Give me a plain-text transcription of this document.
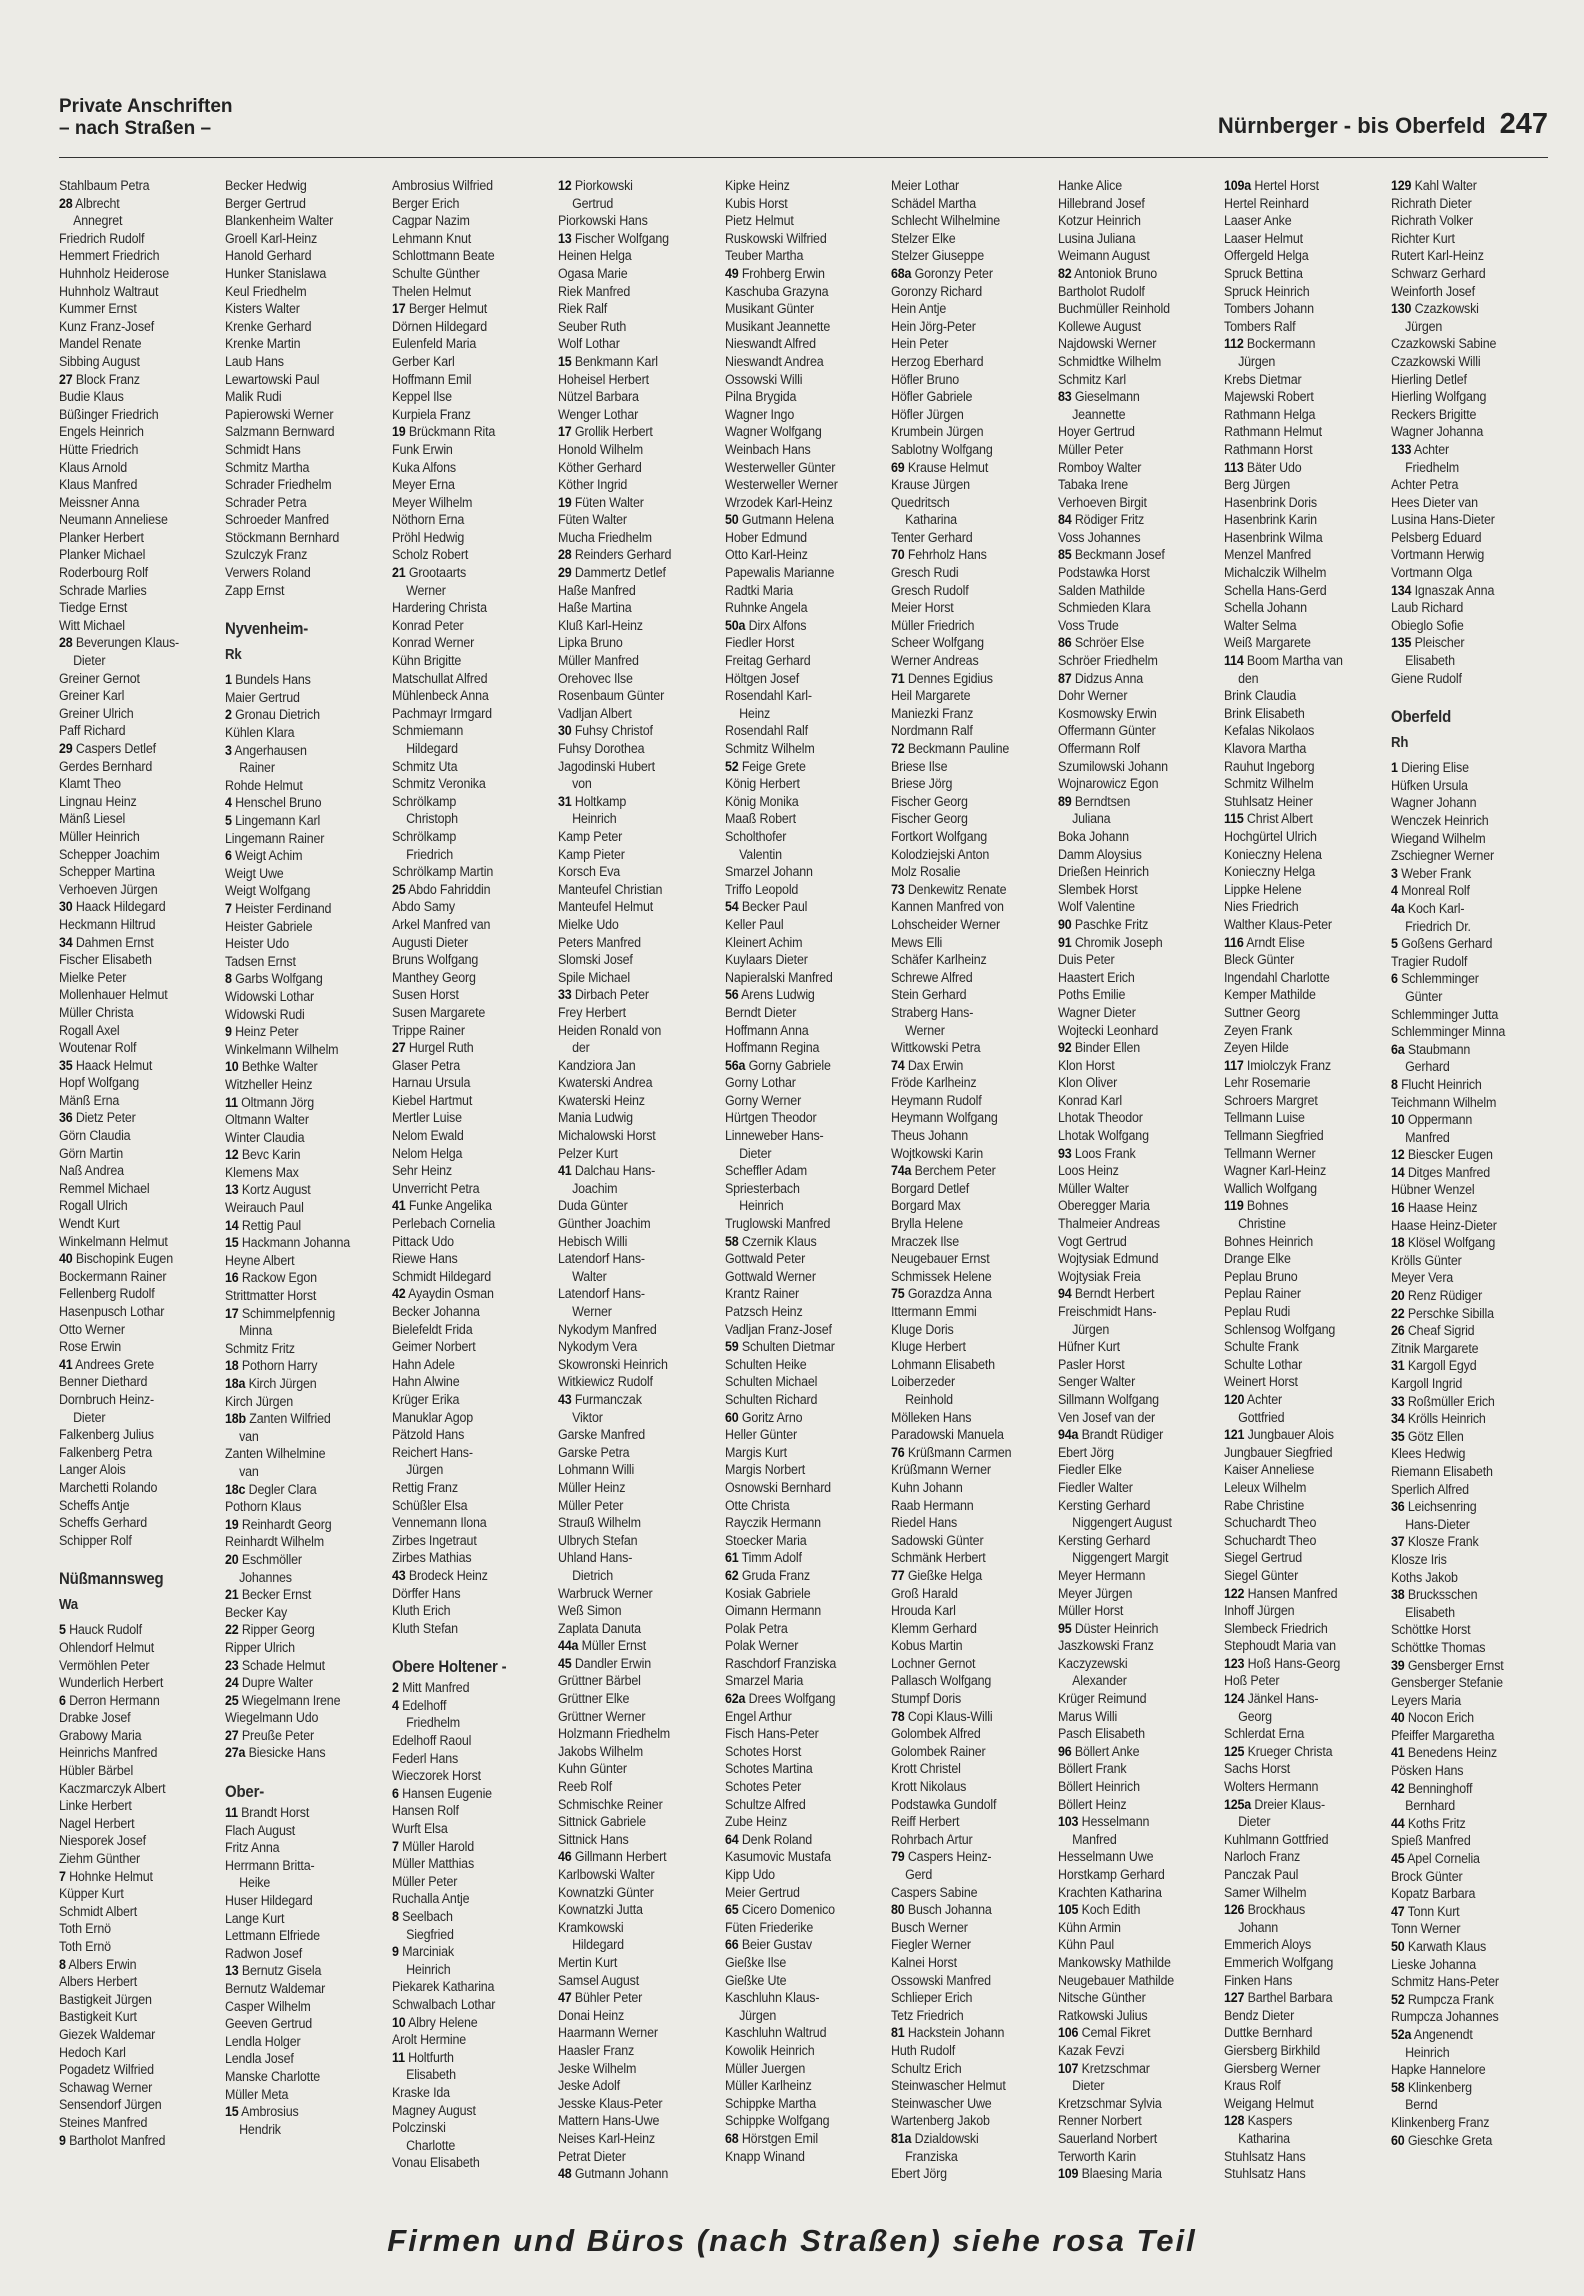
Private Anschriften
– nach Straßen –	Nürnberger - bis Oberfeld 247
Stahlbaum Petra
28 Albrecht
Annegret
Friedrich Rudolf
Hemmert Friedrich
Huhnholz Heiderose
Huhnholz Waltraut
Kummer Ernst
Kunz Franz-Josef
Mandel Renate
Sibbing August
27 Block Franz
Budie Klaus
Büßinger Friedrich
Engels Heinrich
Hütte Friedrich
Klaus Arnold
Klaus Manfred
Meissner Anna
Neumann Anneliese
Planker Herbert
Planker Michael
Roderbourg Rolf
Schrade Marlies
Tiedge Ernst
Witt Michael
28 Beverungen Klaus-
Dieter
Greiner Gernot
Greiner Karl
Greiner Ulrich
Paff Richard
29 Caspers Detlef
Gerdes Bernhard
Klamt Theo
Lingnau Heinz
Mänß Liesel
Müller Heinrich
Schepper Joachim
Schepper Martina
Verhoeven Jürgen
30 Haack Hildegard
Heckmann Hiltrud
34 Dahmen Ernst
Fischer Elisabeth
Mielke Peter
Mollenhauer Helmut
Müller Christa
Rogall Axel
Woutenar Rolf
35 Haack Helmut
Hopf Wolfgang
Mänß Erna
36 Dietz Peter
Görn Claudia
Görn Martin
Naß Andrea
Remmel Michael
Rogall Ulrich
Wendt Kurt
Winkelmann Helmut
40 Bischopink Eugen
Bockermann Rainer
Fellenberg Rudolf
Hasenpusch Lothar
Otto Werner
Rose Erwin
41 Andrees Grete
Benner Diethard
Dornbruch Heinz-
Dieter
Falkenberg Julius
Falkenberg Petra
Langer Alois
Marchetti Rolando
Scheffs Antje
Scheffs Gerhard
Schipper Rolf
Nüßmannsweg
Wa
5 Hauck Rudolf
Ohlendorf Helmut
Vermöhlen Peter
Wunderlich Herbert
6 Derron Hermann
Drabke Josef
Grabowy Maria
Heinrichs Manfred
Hübler Bärbel
Kaczmarczyk Albert
Linke Herbert
Nagel Herbert
Niesporek Josef
Ziehm Günther
7 Hohnke Helmut
Küpper Kurt
Schmidt Albert
Toth Ernö
Toth Ernö
8 Albers Erwin
Albers Herbert
Bastigkeit Jürgen
Bastigkeit Kurt
Giezek Waldemar
Hedoch Karl
Pogadetz Wilfried
Schawag Werner
Sensendorf Jürgen
Steines Manfred
9 Bartholot Manfred
Becker Hedwig
Berger Gertrud
Blankenheim Walter
Groell Karl-Heinz
Hanold Gerhard
Hunker Stanislawa
Keul Friedhelm
Kisters Walter
Krenke Gerhard
Krenke Martin
Laub Hans
Lewartowski Paul
Malik Rudi
Papierowski Werner
Salzmann Bernward
Schmidt Hans
Schmitz Martha
Schrader Friedhelm
Schrader Petra
Schroeder Manfred
Stöckmann Bernhard
Szulczyk Franz
Verwers Roland
Zapp Ernst
Nyvenheim-
Rk
1 Bundels Hans
Maier Gertrud
2 Gronau Dietrich
Kühlen Klara
3 Angerhausen
Rainer
Rohde Helmut
4 Henschel Bruno
5 Lingemann Karl
Lingemann Rainer
6 Weigt Achim
Weigt Uwe
Weigt Wolfgang
7 Heister Ferdinand
Heister Gabriele
Heister Udo
Tadsen Ernst
8 Garbs Wolfgang
Widowski Lothar
Widowski Rudi
9 Heinz Peter
Winkelmann Wilhelm
10 Bethke Walter
Witzheller Heinz
11 Oltmann Jörg
Oltmann Walter
Winter Claudia
12 Bevc Karin
Klemens Max
13 Kortz August
Weirauch Paul
14 Rettig Paul
15 Hackmann Johanna
Heyne Albert
16 Rackow Egon
Strittmatter Horst
17 Schimmelpfennig
Minna
Schmitz Fritz
18 Pothorn Harry
18a Kirch Jürgen
Kirch Jürgen
18b Zanten Wilfried
van
Zanten Wilhelmine
van
18c Degler Clara
Pothorn Klaus
19 Reinhardt Georg
Reinhardt Wilhelm
20 Eschmöller
Johannes
21 Becker Ernst
Becker Kay
22 Ripper Georg
Ripper Ulrich
23 Schade Helmut
24 Dupre Walter
25 Wiegelmann Irene
Wiegelmann Udo
27 Preuße Peter
27a Biesicke Hans
Ober-
11 Brandt Horst
Flach August
Fritz Anna
Herrmann Britta-
Heike
Huser Hildegard
Lange Kurt
Lettmann Elfriede
Radwon Josef
13 Bernutz Gisela
Bernutz Waldemar
Casper Wilhelm
Geeven Gertrud
Lendla Holger
Lendla Josef
Manske Charlotte
Müller Meta
15 Ambrosius
Hendrik
Ambrosius Wilfried
Berger Erich
Cagpar Nazim
Lehmann Knut
Schlottmann Beate
Schulte Günther
Thelen Helmut
17 Berger Helmut
Dörnen Hildegard
Eulenfeld Maria
Gerber Karl
Hoffmann Emil
Keppel Ilse
Kurpiela Franz
19 Brückmann Rita
Funk Erwin
Kuka Alfons
Meyer Erna
Meyer Wilhelm
Nöthorn Erna
Pröhl Hedwig
Scholz Robert
21 Grootaarts
Werner
Hardering Christa
Konrad Peter
Konrad Werner
Kühn Brigitte
Matschullat Alfred
Mühlenbeck Anna
Pachmayr Irmgard
Schmiemann
Hildegard
Schmitz Uta
Schmitz Veronika
Schrölkamp
Christoph
Schrölkamp
Friedrich
Schrölkamp Martin
25 Abdo Fahriddin
Abdo Samy
Arkel Manfred van
Augusti Dieter
Bruns Wolfgang
Manthey Georg
Susen Horst
Susen Margarete
Trippe Rainer
27 Hurgel Ruth
Glaser Petra
Harnau Ursula
Kiebel Hartmut
Mertler Luise
Nelom Ewald
Nelom Helga
Sehr Heinz
Unverricht Petra
41 Funke Angelika
Perlebach Cornelia
Pittack Udo
Riewe Hans
Schmidt Hildegard
42 Ayaydin Osman
Becker Johanna
Bielefeldt Frida
Geimer Norbert
Hahn Adele
Hahn Alwine
Krüger Erika
Manuklar Agop
Pätzold Hans
Reichert Hans-
Jürgen
Rettig Franz
Schüßler Elsa
Vennemann Ilona
Zirbes Ingetraut
Zirbes Mathias
43 Brodeck Heinz
Dörffer Hans
Kluth Erich
Kluth Stefan
Obere Holtener -
2 Mitt Manfred
4 Edelhoff
Friedhelm
Edelhoff Raoul
Federl Hans
Wieczorek Horst
6 Hansen Eugenie
Hansen Rolf
Wurft Elsa
7 Müller Harold
Müller Matthias
Müller Peter
Ruchalla Antje
8 Seelbach
Siegfried
9 Marciniak
Heinrich
Piekarek Katharina
Schwalbach Lothar
10 Albry Helene
Arolt Hermine
11 Holtfurth
Elisabeth
Kraske Ida
Magney August
Polczinski
Charlotte
Vonau Elisabeth
12 Piorkowski
Gertrud
Piorkowski Hans
13 Fischer Wolfgang
Heinen Helga
Ogasa Marie
Riek Manfred
Riek Ralf
Seuber Ruth
Wolf Lothar
15 Benkmann Karl
Hoheisel Herbert
Nützel Barbara
Wenger Lothar
17 Grollik Herbert
Honold Wilhelm
Köther Gerhard
Köther Ingrid
19 Füten Walter
Füten Walter
Mucha Friedhelm
28 Reinders Gerhard
29 Dammertz Detlef
Haße Manfred
Haße Martina
Kluß Karl-Heinz
Lipka Bruno
Müller Manfred
Orehovec Ilse
Rosenbaum Günter
Vadljan Albert
30 Fuhsy Christof
Fuhsy Dorothea
Jagodinski Hubert
von
31 Holtkamp
Heinrich
Kamp Peter
Kamp Pieter
Korsch Eva
Manteufel Christian
Manteufel Helmut
Mielke Udo
Peters Manfred
Slomski Josef
Spile Michael
33 Dirbach Peter
Frey Herbert
Heiden Ronald von
der
Kandziora Jan
Kwaterski Andrea
Kwaterski Heinz
Mania Ludwig
Michalowski Horst
Pelzer Kurt
41 Dalchau Hans-
Joachim
Duda Günter
Günther Joachim
Hebisch Willi
Latendorf Hans-
Walter
Latendorf Hans-
Werner
Nykodym Manfred
Nykodym Vera
Skowronski Heinrich
Witkiewicz Rudolf
43 Furmanczak
Viktor
Garske Manfred
Garske Petra
Lohmann Willi
Müller Heinz
Müller Peter
Strauß Wilhelm
Ulbrych Stefan
Uhland Hans-
Dietrich
Warbruck Werner
Weß Simon
Zaplata Danuta
44a Müller Ernst
45 Dandler Erwin
Grüttner Bärbel
Grüttner Elke
Grüttner Werner
Holzmann Friedhelm
Jakobs Wilhelm
Kuhn Günter
Reeb Rolf
Schmischke Reiner
Sittnick Gabriele
Sittnick Hans
46 Gillmann Herbert
Karlbowski Walter
Kownatzki Günter
Kownatzki Jutta
Kramkowski
Hildegard
Mertin Kurt
Samsel August
47 Bühler Peter
Donai Heinz
Haarmann Werner
Haasler Franz
Jeske Wilhelm
Jeske Adolf
Jesske Klaus-Peter
Mattern Hans-Uwe
Neises Karl-Heinz
Petrat Dieter
48 Gutmann Johann
Kipke Heinz
Kubis Horst
Pietz Helmut
Ruskowski Wilfried
Teuber Martha
49 Frohberg Erwin
Kaschuba Grazyna
Musikant Günter
Musikant Jeannette
Nieswandt Alfred
Nieswandt Andrea
Ossowski Willi
Pilna Brygida
Wagner Ingo
Wagner Wolfgang
Weinbach Hans
Westerweller Günter
Westerweller Werner
Wrzodek Karl-Heinz
50 Gutmann Helena
Hober Edmund
Otto Karl-Heinz
Papewalis Marianne
Radtki Maria
Ruhnke Angela
50a Dirx Alfons
Fiedler Horst
Freitag Gerhard
Höltgen Josef
Rosendahl Karl-
Heinz
Rosendahl Ralf
Schmitz Wilhelm
52 Feige Grete
König Herbert
König Monika
Maaß Robert
Scholthofer
Valentin
Smarzel Johann
Triffo Leopold
54 Becker Paul
Keller Paul
Kleinert Achim
Kuylaars Dieter
Napieralski Manfred
56 Arens Ludwig
Berndt Dieter
Hoffmann Anna
Hoffmann Regina
56a Gorny Gabriele
Gorny Lothar
Gorny Werner
Hürtgen Theodor
Linneweber Hans-
Dieter
Scheffler Adam
Spriesterbach
Heinrich
Truglowski Manfred
58 Czernik Klaus
Gottwald Peter
Gottwald Werner
Krantz Rainer
Patzsch Heinz
Vadljan Franz-Josef
59 Schulten Dietmar
Schulten Heike
Schulten Michael
Schulten Richard
60 Goritz Arno
Heller Günter
Margis Kurt
Margis Norbert
Osnowski Bernhard
Otte Christa
Rayczik Hermann
Stoecker Maria
61 Timm Adolf
62 Gruda Franz
Kosiak Gabriele
Oimann Hermann
Polak Petra
Polak Werner
Raschdorf Franziska
Smarzel Maria
62a Drees Wolfgang
Engel Arthur
Fisch Hans-Peter
Schotes Horst
Schotes Martina
Schotes Peter
Schultze Alfred
Zube Heinz
64 Denk Roland
Kasumovic Mustafa
Kipp Udo
Meier Gertrud
65 Cicero Domenico
Füten Friederike
66 Beier Gustav
Gießke Ilse
Gießke Ute
Kaschluhn Klaus-
Jürgen
Kaschluhn Waltrud
Kowolik Heinrich
Müller Juergen
Müller Karlheinz
Schippke Martha
Schippke Wolfgang
68 Hörstgen Emil
Knapp Winand
Meier Lothar
Schädel Martha
Schlecht Wilhelmine
Stelzer Elke
Stelzer Giuseppe
68a Goronzy Peter
Goronzy Richard
Hein Antje
Hein Jörg-Peter
Hein Peter
Herzog Eberhard
Höfler Bruno
Höfler Gabriele
Höfler Jürgen
Krumbein Jürgen
Sablotny Wolfgang
69 Krause Helmut
Krause Jürgen
Quedritsch
Katharina
Tenter Gerhard
70 Fehrholz Hans
Gresch Rudi
Gresch Rudolf
Meier Horst
Müller Friedrich
Scheer Wolfgang
Werner Andreas
71 Dennes Egidius
Heil Margarete
Maniezki Franz
Nordmann Ralf
72 Beckmann Pauline
Briese Ilse
Briese Jörg
Fischer Georg
Fischer Georg
Fortkort Wolfgang
Kolodziejski Anton
Molz Rosalie
73 Denkewitz Renate
Kannen Manfred von
Lohscheider Werner
Mews Elli
Schäfer Karlheinz
Schrewe Alfred
Stein Gerhard
Straberg Hans-
Werner
Wittkowski Petra
74 Dax Erwin
Fröde Karlheinz
Heymann Rudolf
Heymann Wolfgang
Theus Johann
Wojtkowski Karin
74a Berchem Peter
Borgard Detlef
Borgard Max
Brylla Helene
Mraczek Ilse
Neugebauer Ernst
Schmissek Helene
75 Gorazdza Anna
Ittermann Emmi
Kluge Doris
Kluge Herbert
Lohmann Elisabeth
Loiberzeder
Reinhold
Mölleken Hans
Paradowski Manuela
76 Krüßmann Carmen
Krüßmann Werner
Kuhn Johann
Raab Hermann
Riedel Hans
Sadowski Günter
Schmänk Herbert
77 Gießke Helga
Groß Harald
Hrouda Karl
Klemm Gerhard
Kobus Martin
Lochner Gernot
Pallasch Wolfgang
Stumpf Doris
78 Copi Klaus-Willi
Golombek Alfred
Golombek Rainer
Krott Christel
Krott Nikolaus
Podstawka Gundolf
Reiff Herbert
Rohrbach Artur
79 Caspers Heinz-
Gerd
Caspers Sabine
80 Busch Johanna
Busch Werner
Fiegler Werner
Kalnei Horst
Ossowski Manfred
Schlieper Erich
Tetz Friedrich
81 Hackstein Johann
Huth Rudolf
Schultz Erich
Steinwascher Helmut
Steinwascher Uwe
Wartenberg Jakob
81a Dzialdowski
Franziska
Ebert Jörg
Hanke Alice
Hillebrand Josef
Kotzur Heinrich
Lusina Juliana
Weimann August
82 Antoniok Bruno
Bartholot Rudolf
Buchmüller Reinhold
Kollewe August
Najdowski Werner
Schmidtke Wilhelm
Schmitz Karl
83 Gieselmann
Jeannette
Hoyer Gertrud
Müller Peter
Romboy Walter
Tabaka Irene
Verhoeven Birgit
84 Rödiger Fritz
Voss Johannes
85 Beckmann Josef
Podstawka Horst
Salden Mathilde
Schmieden Klara
Voss Trude
86 Schröer Else
Schröer Friedhelm
87 Didzus Anna
Dohr Werner
Kosmowsky Erwin
Offermann Günter
Offermann Rolf
Szumilowski Johann
Wojnarowicz Egon
89 Berndtsen
Juliana
Boka Johann
Damm Aloysius
Drießen Heinrich
Slembek Horst
Wolf Valentine
90 Paschke Fritz
91 Chromik Joseph
Duis Peter
Haastert Erich
Poths Emilie
Wagner Dieter
Wojtecki Leonhard
92 Binder Ellen
Klon Horst
Klon Oliver
Konrad Karl
Lhotak Theodor
Lhotak Wolfgang
93 Loos Frank
Loos Heinz
Müller Walter
Oberegger Maria
Thalmeier Andreas
Vogt Gertrud
Wojtysiak Edmund
Wojtysiak Freia
94 Berndt Herbert
Freischmidt Hans-
Jürgen
Hüfner Kurt
Pasler Horst
Senger Walter
Sillmann Wolfgang
Ven Josef van der
94a Brandt Rüdiger
Ebert Jörg
Fiedler Elke
Fiedler Walter
Kersting Gerhard
Niggengert August
Kersting Gerhard
Niggengert Margit
Meyer Hermann
Meyer Jürgen
Müller Horst
95 Düster Heinrich
Jaszkowski Franz
Kaczyzewski
Alexander
Krüger Reimund
Marus Willi
Pasch Elisabeth
96 Böllert Anke
Böllert Frank
Böllert Heinrich
Böllert Heinz
103 Hesselmann
Manfred
Hesselmann Uwe
Horstkamp Gerhard
Krachten Katharina
105 Koch Edith
Kühn Armin
Kühn Paul
Mankowsky Mathilde
Neugebauer Mathilde
Nitsche Günther
Ratkowski Julius
106 Cemal Fikret
Kazak Fevzi
107 Kretzschmar
Dieter
Kretzschmar Sylvia
Renner Norbert
Sauerland Norbert
Terworth Karin
109 Blaesing Maria
109a Hertel Horst
Hertel Reinhard
Laaser Anke
Laaser Helmut
Offergeld Helga
Spruck Bettina
Spruck Heinrich
Tombers Johann
Tombers Ralf
112 Bockermann
Jürgen
Krebs Dietmar
Majewski Robert
Rathmann Helga
Rathmann Helmut
Rathmann Horst
113 Bäter Udo
Berg Jürgen
Hasenbrink Doris
Hasenbrink Karin
Hasenbrink Wilma
Menzel Manfred
Michalczik Wilhelm
Schella Hans-Gerd
Schella Johann
Walter Selma
Weiß Margarete
114 Boom Martha van
den
Brink Claudia
Brink Elisabeth
Kefalas Nikolaos
Klavora Martha
Rauhut Ingeborg
Schmitz Wilhelm
Stuhlsatz Heiner
115 Christ Albert
Hochgürtel Ulrich
Konieczny Helena
Konieczny Helga
Lippke Helene
Nies Friedrich
Walther Klaus-Peter
116 Arndt Elise
Bleck Günter
Ingendahl Charlotte
Kemper Mathilde
Suttner Georg
Zeyen Frank
Zeyen Hilde
117 Imiolczyk Franz
Lehr Rosemarie
Schroers Margret
Tellmann Luise
Tellmann Siegfried
Tellmann Werner
Wagner Karl-Heinz
Wallich Wolfgang
119 Bohnes
Christine
Bohnes Heinrich
Drange Elke
Peplau Bruno
Peplau Rainer
Peplau Rudi
Schlensog Wolfgang
Schulte Frank
Schulte Lothar
Weinert Horst
120 Achter
Gottfried
121 Jungbauer Alois
Jungbauer Siegfried
Kaiser Anneliese
Leleux Wilhelm
Rabe Christine
Schuchardt Theo
Schuchardt Theo
Siegel Gertrud
Siegel Günter
122 Hansen Manfred
Inhoff Jürgen
Slembeck Friedrich
Stephoudt Maria van
123 Hoß Hans-Georg
Hoß Peter
124 Jänkel Hans-
Georg
Schlerdat Erna
125 Krueger Christa
Sachs Horst
Wolters Hermann
125a Dreier Klaus-
Dieter
Kuhlmann Gottfried
Narloch Franz
Panczak Paul
Samer Wilhelm
126 Brockhaus
Johann
Emmerich Aloys
Emmerich Wolfgang
Finken Hans
127 Barthel Barbara
Bendz Dieter
Duttke Bernhard
Giersberg Birkhild
Giersberg Werner
Kraus Rolf
Weigang Helmut
128 Kaspers
Katharina
Stuhlsatz Hans
Stuhlsatz Hans
129 Kahl Walter
Richrath Dieter
Richrath Volker
Richter Kurt
Rutert Karl-Heinz
Schwarz Gerhard
Weinforth Josef
130 Czazkowski
Jürgen
Czazkowski Sabine
Czazkowski Willi
Hierling Detlef
Hierling Wolfgang
Reckers Brigitte
Wagner Johanna
133 Achter
Friedhelm
Achter Petra
Hees Dieter van
Lusina Hans-Dieter
Pelsberg Eduard
Vortmann Herwig
Vortmann Olga
134 Ignaszak Anna
Laub Richard
Obieglo Sofie
135 Pleischer
Elisabeth
Giene Rudolf
Oberfeld
Rh
1 Diering Elise
Hüfken Ursula
Wagner Johann
Wenczek Heinrich
Wiegand Wilhelm
Zschiegner Werner
3 Weber Frank
4 Monreal Rolf
4a Koch Karl-
Friedrich Dr.
5 Goßens Gerhard
Tragier Rudolf
6 Schlemminger
Günter
Schlemminger Jutta
Schlemminger Minna
6a Staubmann
Gerhard
8 Flucht Heinrich
Teichmann Wilhelm
10 Oppermann
Manfred
12 Biescker Eugen
14 Ditges Manfred
Hübner Wenzel
16 Haase Heinz
Haase Heinz-Dieter
18 Klösel Wolfgang
Krölls Günter
Meyer Vera
20 Renz Rüdiger
22 Perschke Sibilla
26 Cheaf Sigrid
Zitnik Margarete
31 Kargoll Egyd
Kargoll Ingrid
33 Roßmüller Erich
34 Krölls Heinrich
35 Götz Ellen
Klees Hedwig
Riemann Elisabeth
Sperlich Alfred
36 Leichsenring
Hans-Dieter
37 Klosze Frank
Klosze Iris
Koths Jakob
38 Brucksschen
Elisabeth
Schöttke Horst
Schöttke Thomas
39 Gensberger Ernst
Gensberger Stefanie
Leyers Maria
40 Nocon Erich
Pfeiffer Margaretha
41 Benedens Heinz
Pösken Hans
42 Benninghoff
Bernhard
44 Koths Fritz
Spieß Manfred
45 Apel Cornelia
Brock Günter
Kopatz Barbara
47 Tonn Kurt
Tonn Werner
50 Karwath Klaus
Lieske Johanna
Schmitz Hans-Peter
52 Rumpcza Frank
Rumpcza Johannes
52a Angenendt
Heinrich
Hapke Hannelore
58 Klinkenberg
Bernd
Klinkenberg Franz
60 Gieschke Greta
Firmen und Büros (nach Straßen) siehe rosa Teil
